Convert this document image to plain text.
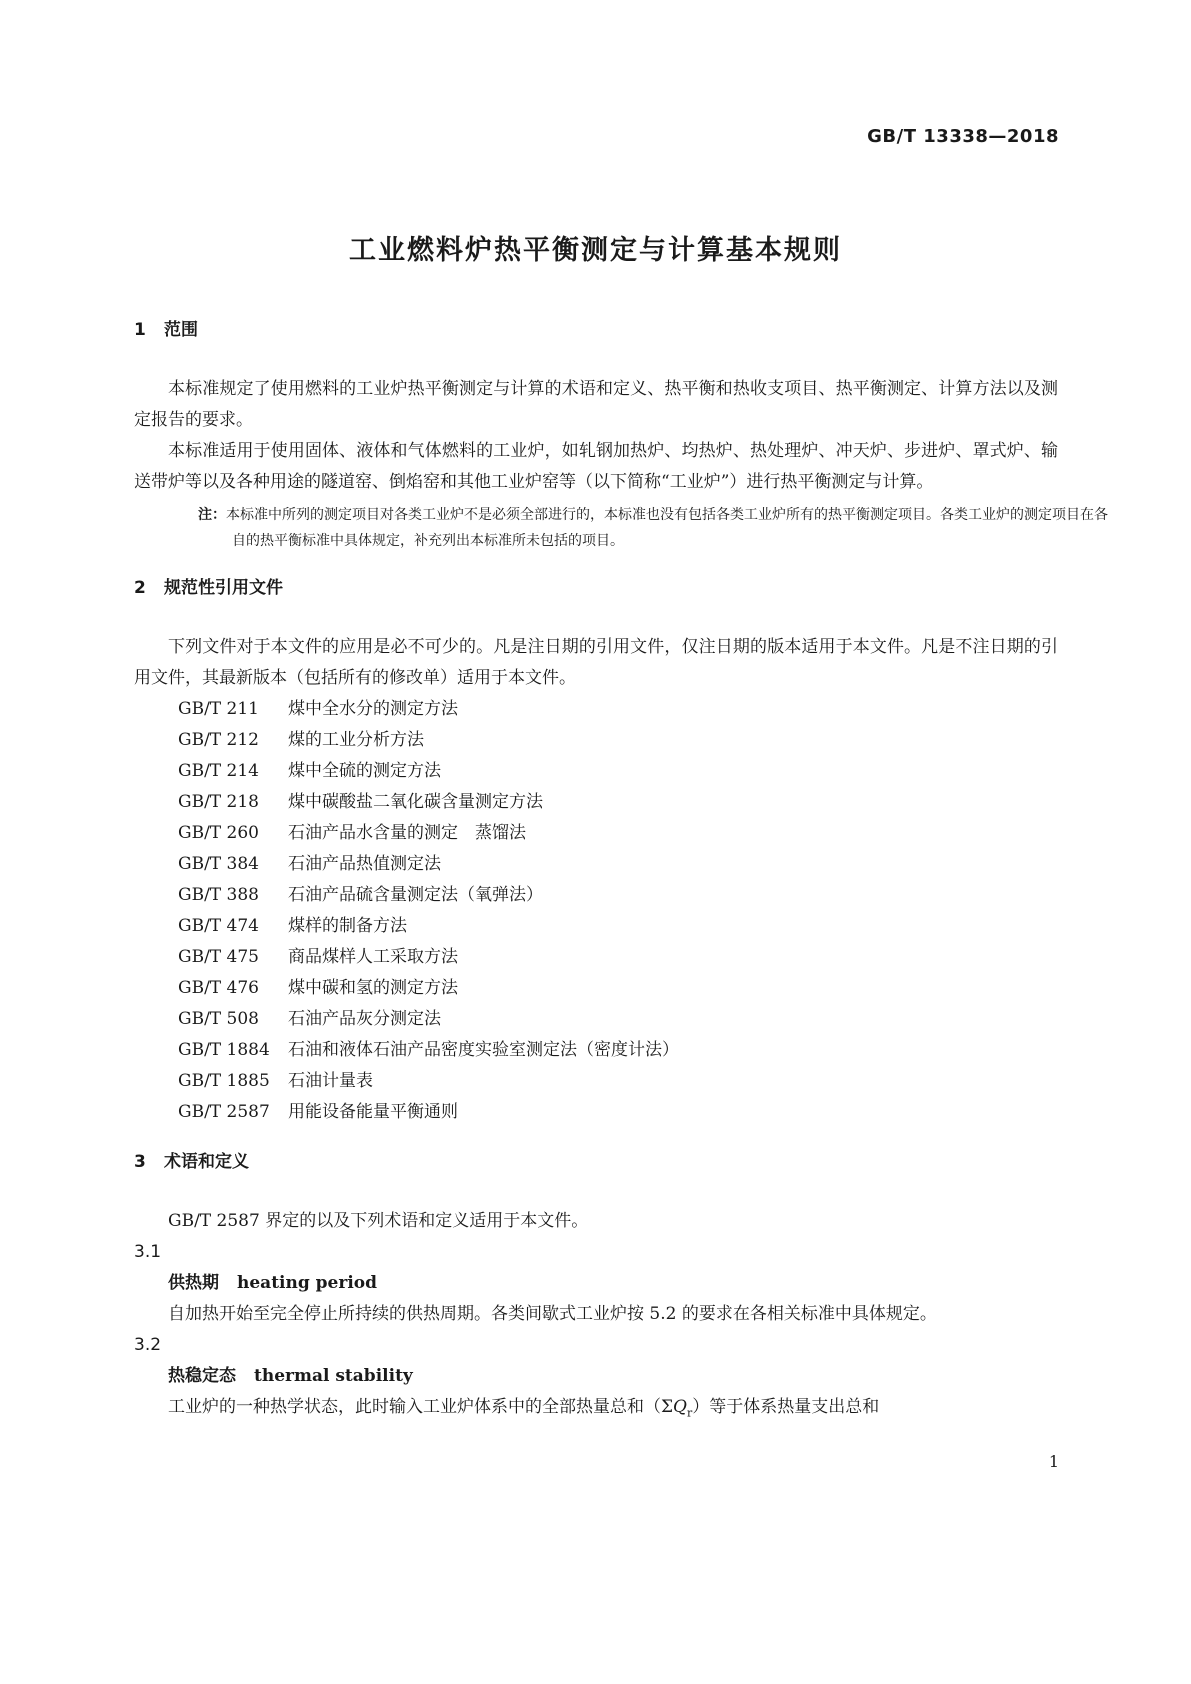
GB/T 13338—2018
工业燃料炉热平衡测定与计算基本规则
1 范围

本标准规定了使用燃料的工业炉热平衡测定与计算的术语和定义、热平衡和热收支项目、热平衡测定、计算方法以及测定报告的要求。

本标准适用于使用固体、液体和气体燃料的工业炉，如轧钢加热炉、均热炉、热处理炉、冲天炉、步进炉、罩式炉、输送带炉等以及各种用途的隧道窑、倒焰窑和其他工业炉窑等（以下简称“工业炉”）进行热平衡测定与计算。

注：本标准中所列的测定项目对各类工业炉不是必须全部进行的，本标准也没有包括各类工业炉所有的热平衡测定项目。各类工业炉的测定项目在各自的热平衡标准中具体规定，补充列出本标准所未包括的项目。

2 规范性引用文件

下列文件对于本文件的应用是必不可少的。凡是注日期的引用文件，仅注日期的版本适用于本文件。凡是不注日期的引用文件，其最新版本（包括所有的修改单）适用于本文件。

GB/T 211 煤中全水分的测定方法
GB/T 212 煤的工业分析方法
GB/T 214 煤中全硫的测定方法
GB/T 218 煤中碳酸盐二氧化碳含量测定方法
GB/T 260 石油产品水含量的测定　蒸馏法
GB/T 384 石油产品热值测定法
GB/T 388 石油产品硫含量测定法（氧弹法）
GB/T 474 煤样的制备方法
GB/T 475 商品煤样人工采取方法
GB/T 476 煤中碳和氢的测定方法
GB/T 508 石油产品灰分测定法
GB/T 1884 石油和液体石油产品密度实验室测定法（密度计法）
GB/T 1885 石油计量表
GB/T 2587 用能设备能量平衡通则
3 术语和定义

GB/T 2587 界定的以及下列术语和定义适用于本文件。

3.1

供热期 heating period

自加热开始至完全停止所持续的供热周期。各类间歇式工业炉按 5.2 的要求在各相关标准中具体规定。

3.2

热稳定态 thermal stability

工业炉的一种热学状态，此时输入工业炉体系中的全部热量总和$(\Sigma Q_r)$等于体系热量支出总和

1
